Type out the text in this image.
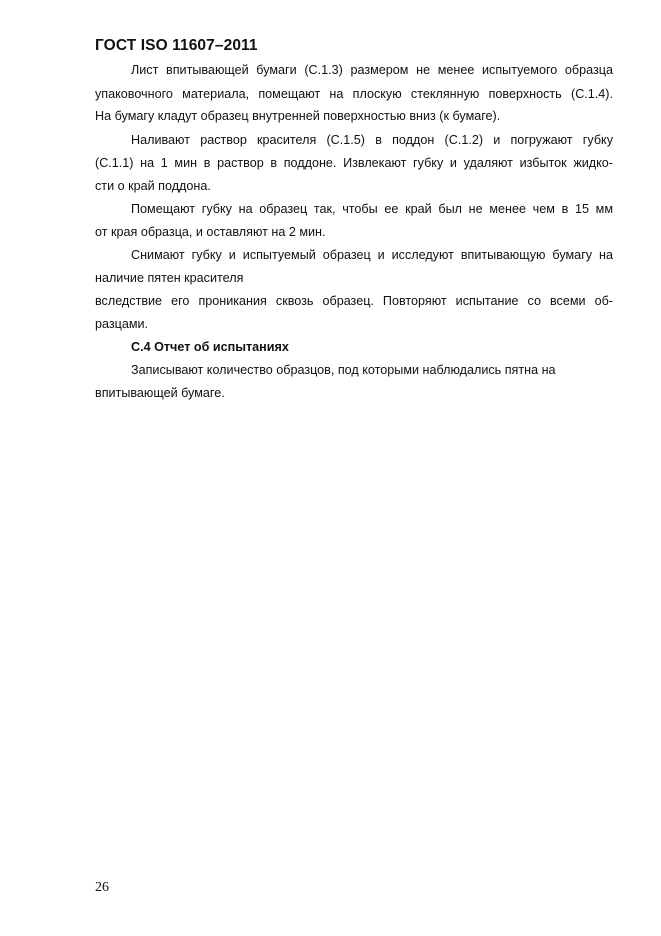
ГОСТ ISO 11607–2011
Лист впитывающей бумаги (С.1.3) размером не менее испытуемого образца
упаковочного материала, помещают на плоскую стеклянную поверхность (С.1.4).
На бумагу кладут образец внутренней поверхностью вниз (к бумаге).
Наливают раствор красителя (С.1.5) в поддон (С.1.2) и погружают губку
(С.1.1) на 1 мин в раствор в поддоне. Извлекают губку и удаляют избыток жидко-
сти о край поддона.
Помещают губку на образец так, чтобы ее край был не менее чем в 15 мм
от края образца, и оставляют на 2 мин.
Снимают губку и испытуемый образец и исследуют впитывающую бумагу на
наличие пятен красителя
вследствие его проникания сквозь образец. Повторяют испытание со всеми об-
разцами.
С.4 Отчет об испытаниях
Записывают количество образцов, под которыми наблюдались пятна на
впитывающей бумаге.
26
